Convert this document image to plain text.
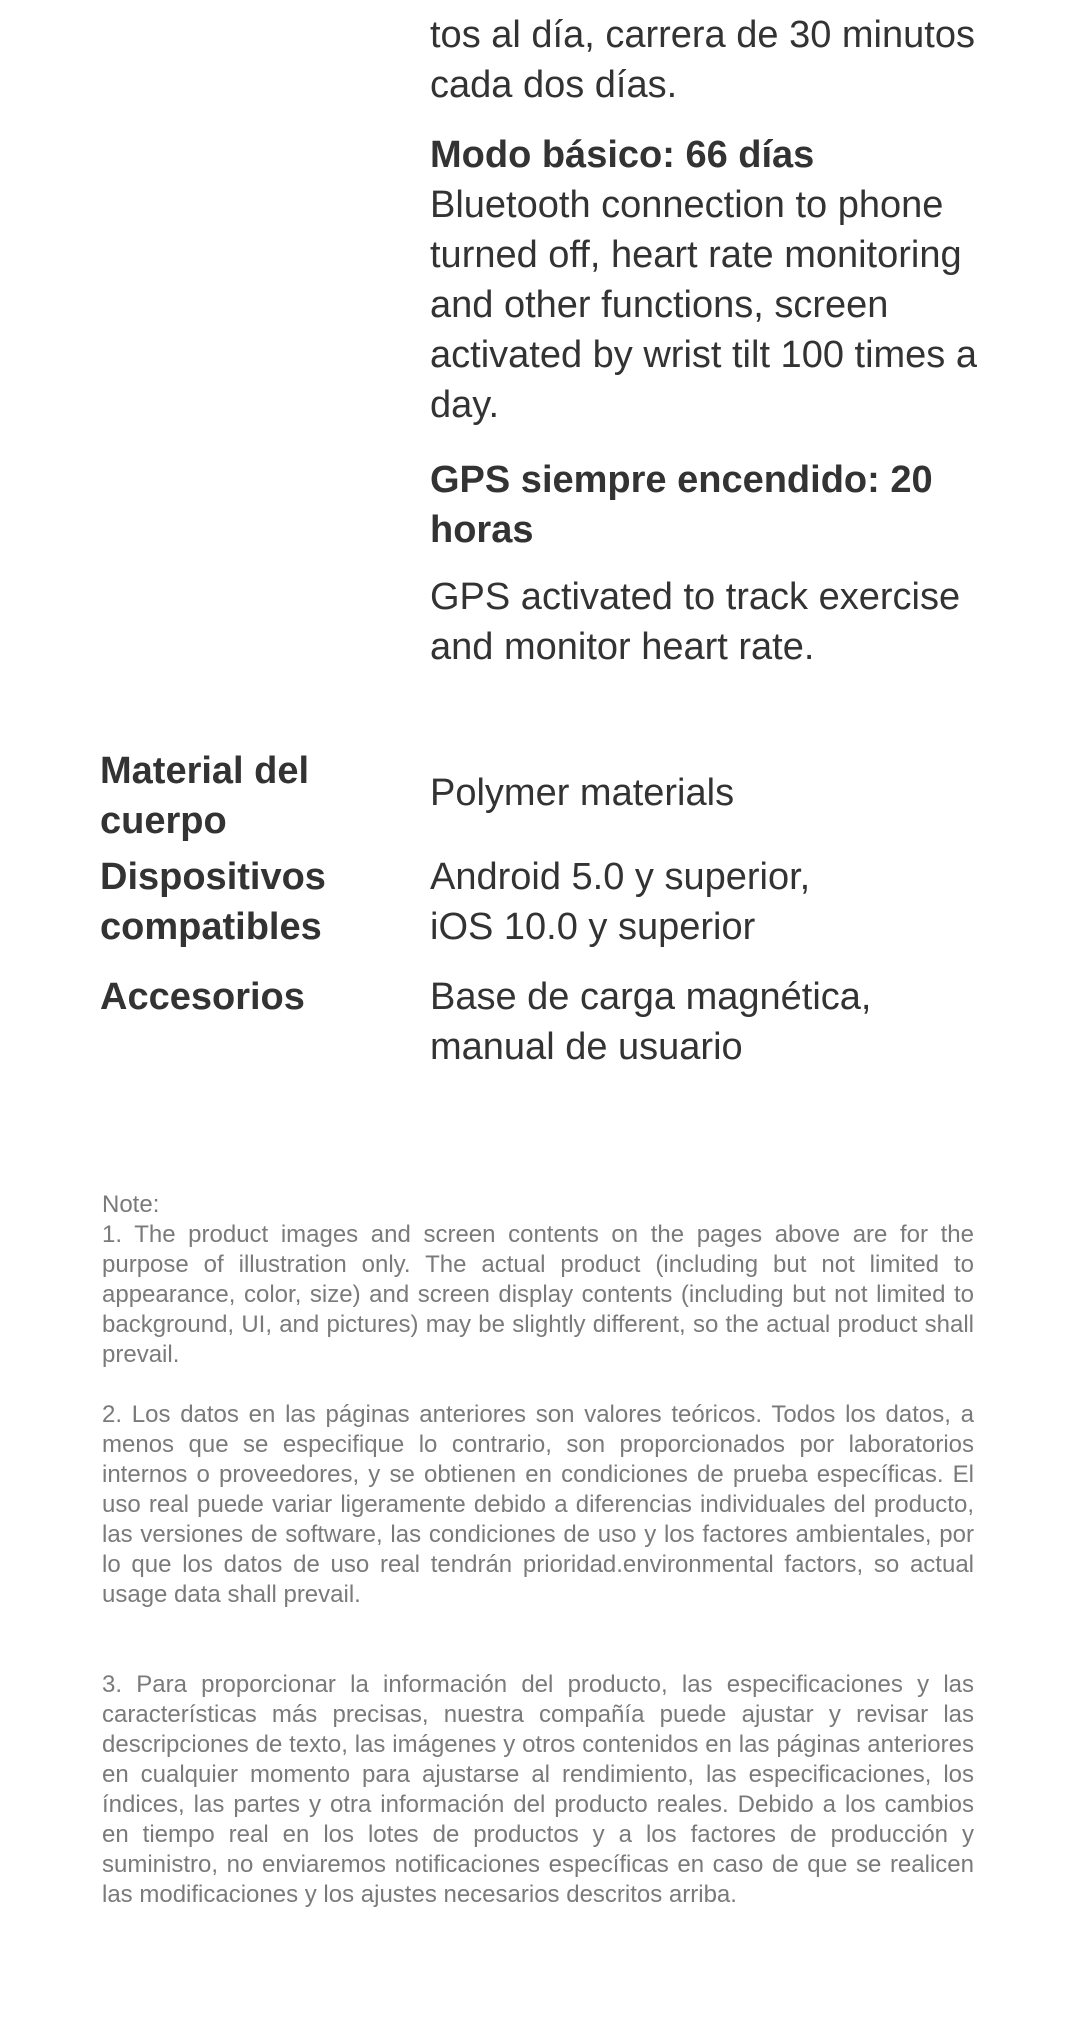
tos al día, carrera de 30 minutos cada dos días.
Modo básico: 66 días
Bluetooth connection to phone turned off, heart rate monitoring and other functions, screen activated by wrist tilt 100 times a day.
GPS siempre encendido: 20 horas
GPS activated to track exercise and monitor heart rate.
Material del cuerpo
Polymer materials
Dispositivos compatibles
Android 5.0 y superior,
iOS 10.0 y superior
Accesorios	Base de carga magnética, manual de usuario
Note:
1. The product images and screen contents on the pages above are for the purpose of illustration only. The actual product (including but not limited to appearance, color, size) and screen display contents (including but not limited to background, UI, and pictures) may be slightly different, so the actual product shall prevail.
2. Los datos en las páginas anteriores son valores teóricos. Todos los datos, a menos que se especifique lo contrario, son proporcionados por laboratorios internos o proveedores, y se obtienen en condiciones de prueba específicas. El uso real puede variar ligeramente debido a diferencias individuales del producto, las versiones de software, las condiciones de uso y los factores ambientales, por lo que los datos de uso real tendrán prioridad.environmental factors, so actual usage data shall prevail.
3. Para proporcionar la información del producto, las especificaciones y las características más precisas, nuestra compañía puede ajustar y revisar las descripciones de texto, las imágenes y otros contenidos en las páginas anteriores en cualquier momento para ajustarse al rendimiento, las especificaciones, los índices, las partes y otra información del producto reales. Debido a los cambios en tiempo real en los lotes de productos y a los factores de producción y suministro, no enviaremos notificaciones específicas en caso de que se realicen las modificaciones y los ajustes necesarios descritos arriba.
